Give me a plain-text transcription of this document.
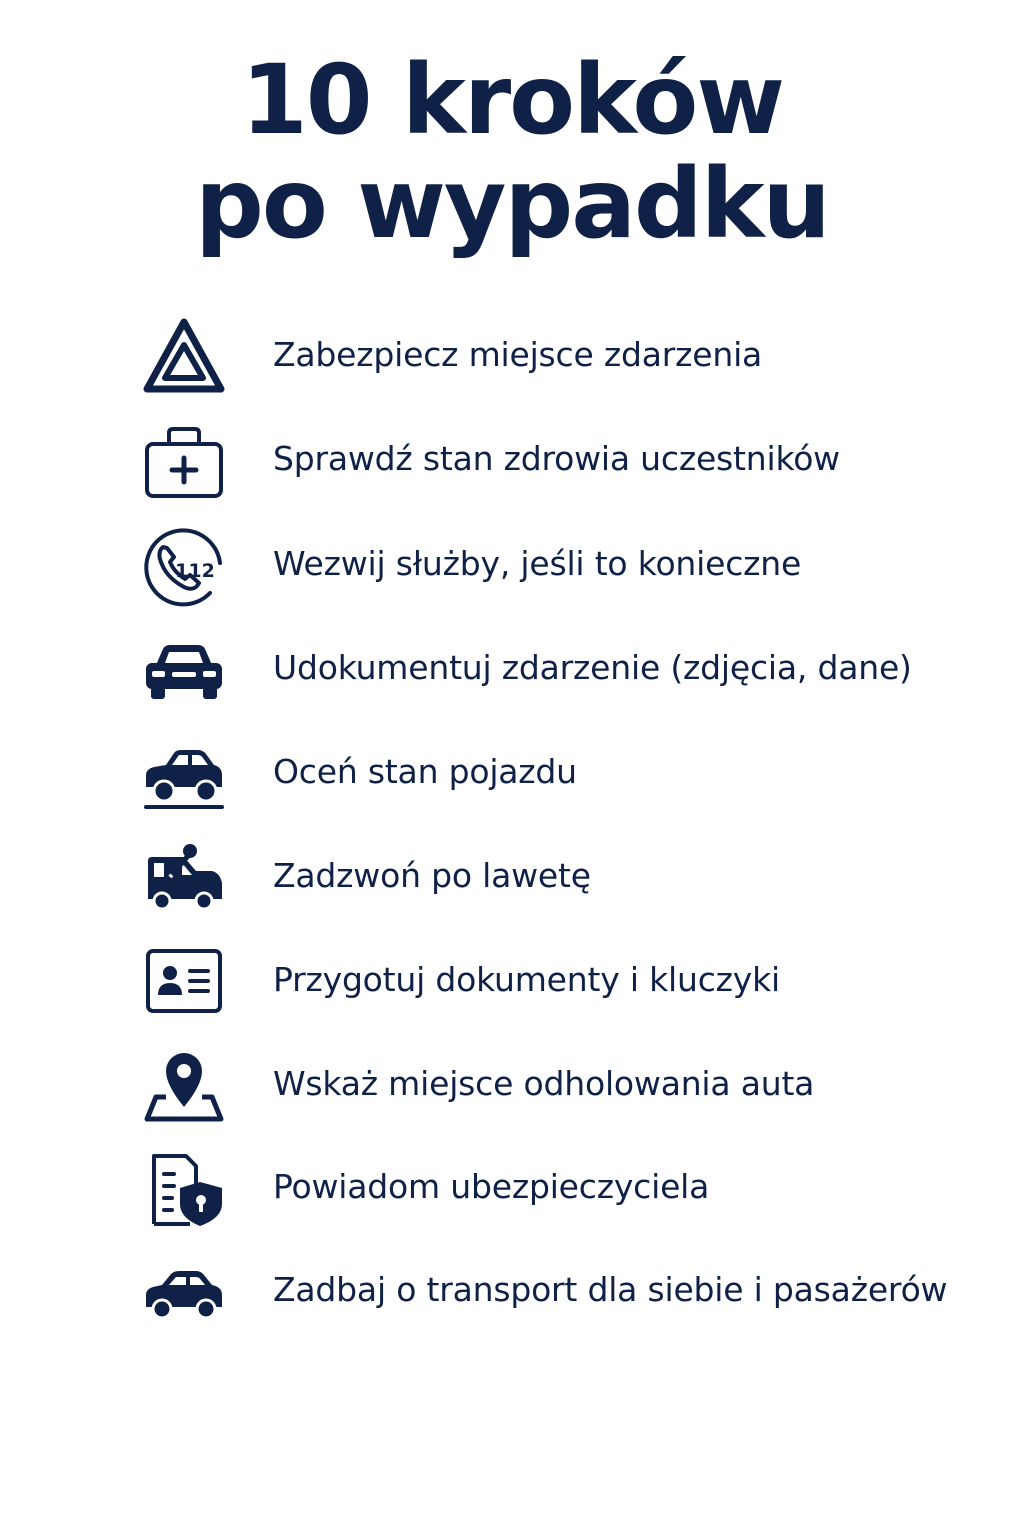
10 kroków
po wypadku
Zabezpiecz miejsce zdarzenia
Sprawdź stan zdrowia uczestników
112 Wezwij służby, jeśli to konieczne
Udokumentuj zdarzenie (zdjęcia, dane)
Oceń stan pojazdu
Zadzwoń po lawetę
Przygotuj dokumenty i kluczyki
Wskaż miejsce odholowania auta
Powiadom ubezpieczyciela
Zadbaj o transport dla siebie i pasażerów
